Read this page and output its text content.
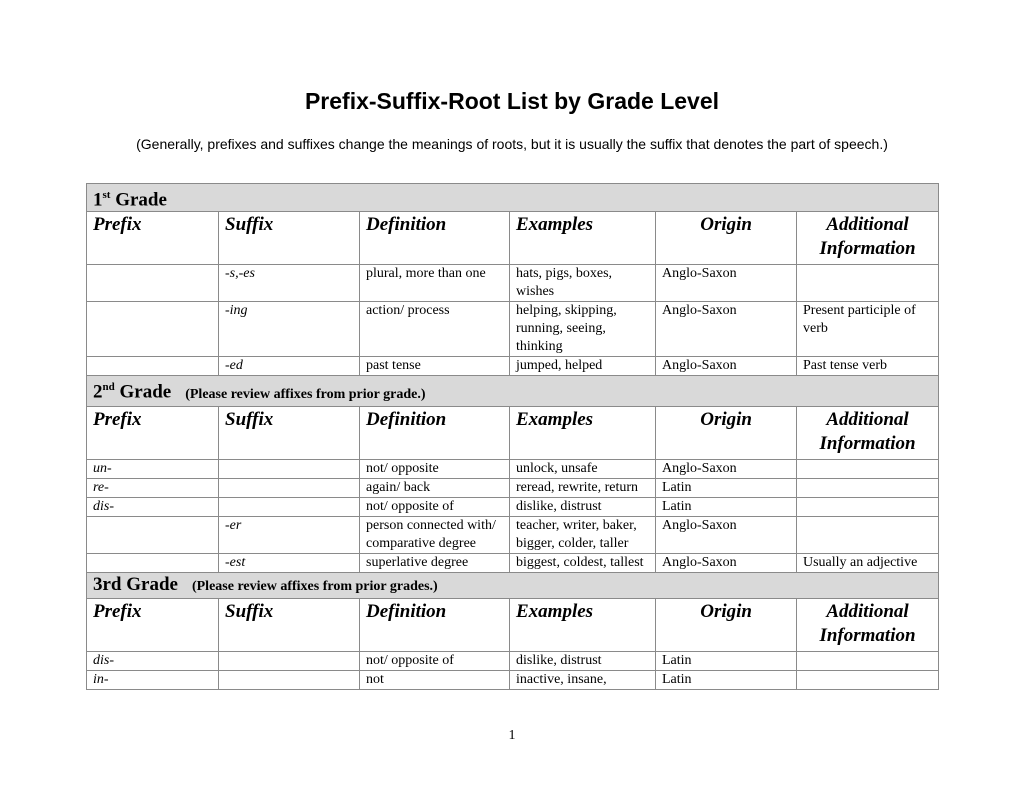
Prefix-Suffix-Root List by Grade Level
(Generally, prefixes and suffixes change the meanings of roots, but it is usually the suffix that denotes the part of speech.)
1st Grade					
Prefix	Suffix	Definition	Examples	Origin	Additional Information
	-s,-es	plural, more than one	hats, pigs, boxes, wishes	Anglo-Saxon	
	-ing	action/ process	helping, skipping, running, seeing, thinking	Anglo-Saxon	Present participle of verb
	-ed	past tense	jumped, helped	Anglo-Saxon	Past tense verb
2nd Grade (Please review affixes from prior grade.)					
Prefix	Suffix	Definition	Examples	Origin	Additional Information
un-		not/ opposite	unlock, unsafe	Anglo-Saxon	
re-		again/ back	reread, rewrite, return	Latin	
dis-		not/ opposite of	dislike, distrust	Latin	
	-er	person connected with/ comparative degree	teacher, writer, baker, bigger, colder, taller	Anglo-Saxon	
	-est	superlative degree	biggest, coldest, tallest	Anglo-Saxon	Usually an adjective
3rd Grade (Please review affixes from prior grades.)					
Prefix	Suffix	Definition	Examples	Origin	Additional Information
dis-		not/ opposite of	dislike, distrust	Latin	
in-		not	inactive, insane,	Latin	
1
